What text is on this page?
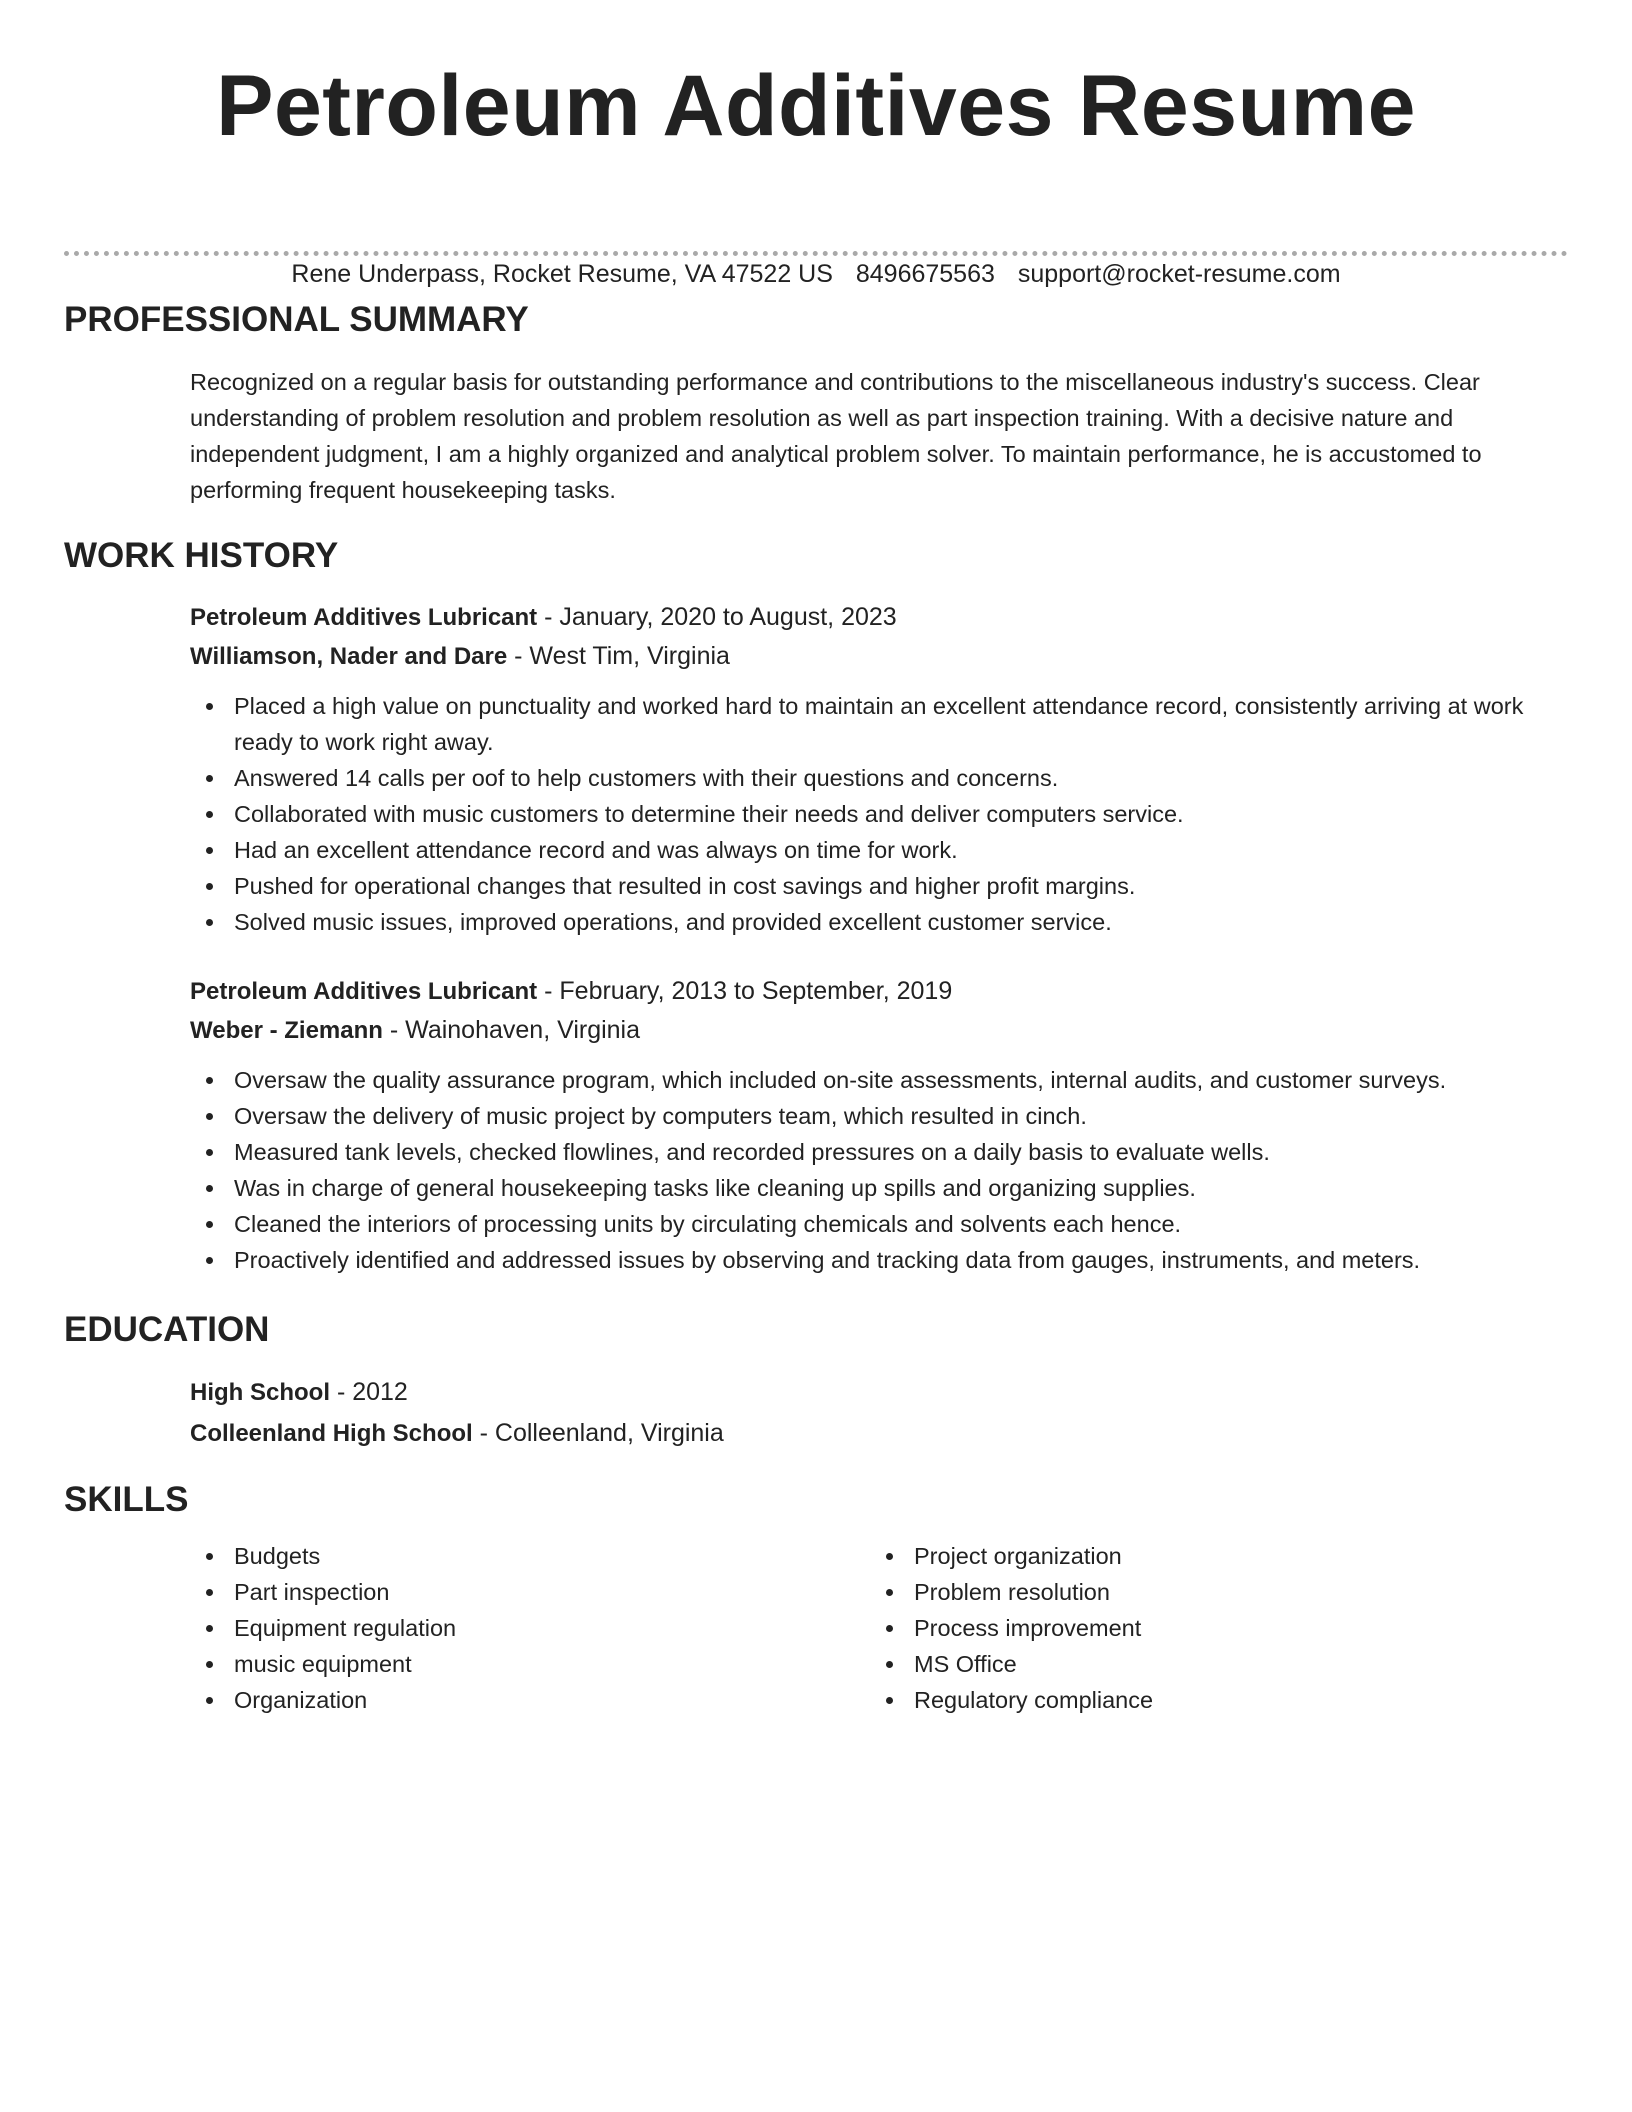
Petroleum Additives Resume
Rene Underpass, Rocket Resume, VA 47522 US 8496675563 support@rocket-resume.com
PROFESSIONAL SUMMARY

Recognized on a regular basis for outstanding performance and contributions to the miscellaneous industry's success. Clear understanding of problem resolution and problem resolution as well as part inspection training. With a decisive nature and independent judgment, I am a highly organized and analytical problem solver. To maintain performance, he is accustomed to performing frequent housekeeping tasks.

WORK HISTORY
Petroleum Additives Lubricant - January, 2020 to August, 2023
Williamson, Nader and Dare - West Tim, Virginia
Placed a high value on punctuality and worked hard to maintain an excellent attendance record, consistently arriving at work ready to work right away.
Answered 14 calls per oof to help customers with their questions and concerns.
Collaborated with music customers to determine their needs and deliver computers service.
Had an excellent attendance record and was always on time for work.
Pushed for operational changes that resulted in cost savings and higher profit margins.
Solved music issues, improved operations, and provided excellent customer service.
Petroleum Additives Lubricant - February, 2013 to September, 2019
Weber - Ziemann - Wainohaven, Virginia
Oversaw the quality assurance program, which included on-site assessments, internal audits, and customer surveys.
Oversaw the delivery of music project by computers team, which resulted in cinch.
Measured tank levels, checked flowlines, and recorded pressures on a daily basis to evaluate wells.
Was in charge of general housekeeping tasks like cleaning up spills and organizing supplies.
Cleaned the interiors of processing units by circulating chemicals and solvents each hence.
Proactively identified and addressed issues by observing and tracking data from gauges, instruments, and meters.
EDUCATION
High School - 2012
Colleenland High School - Colleenland, Virginia
SKILLS
Budgets
Part inspection
Equipment regulation
music equipment
Organization
Project organization
Problem resolution
Process improvement
MS Office
Regulatory compliance
